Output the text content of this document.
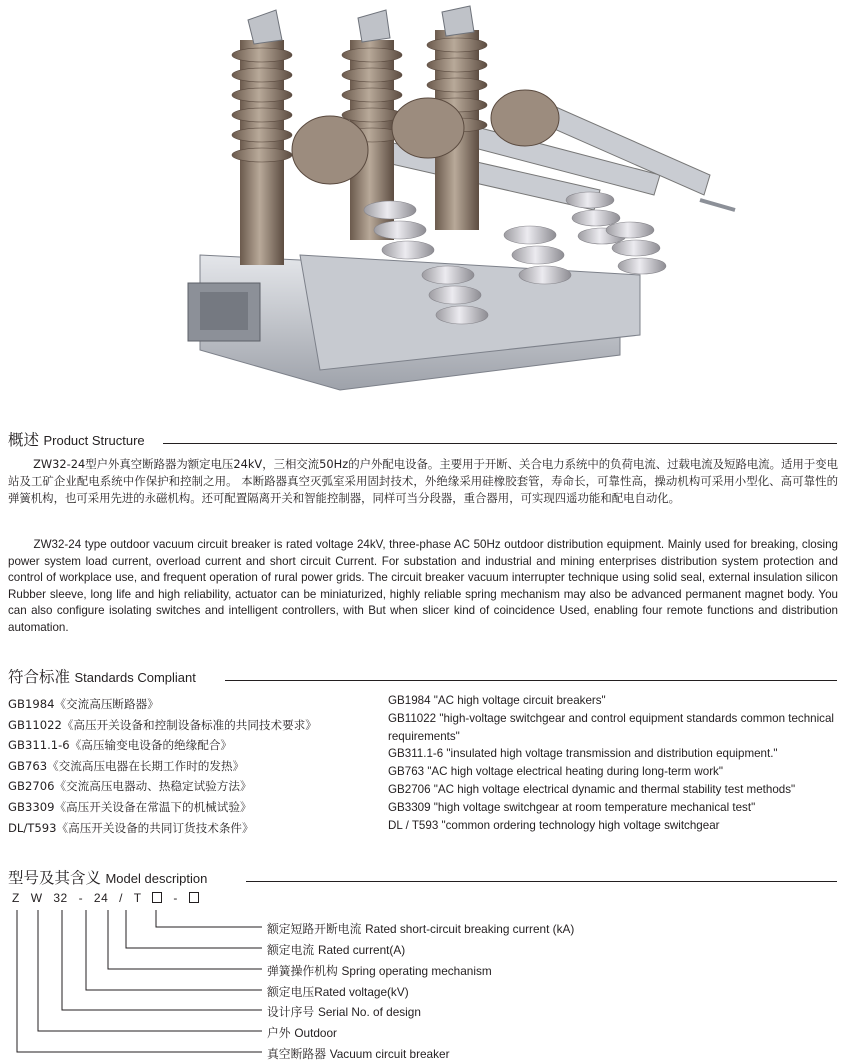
概述 Product Structure

ZW32-24型户外真空断路器为额定电压24kV，三相交流50Hz的户外配电设备。主要用于开断、关合电力系统中的负荷电流、过载电流及短路电流。适用于变电站及工矿企业配电系统中作保护和控制之用。 本断路器真空灭弧室采用固封技术，外绝缘采用硅橡胶套管，寿命长，可靠性高，操动机构可采用小型化、高可靠性的弹簧机构，也可采用先进的永磁机构。还可配置隔离开关和智能控制器，同样可当分段器，重合器用，可实现四遥功能和配电自动化。

ZW32-24 type outdoor vacuum circuit breaker is rated voltage 24kV, three-phase AC 50Hz outdoor distribution equipment. Mainly used for breaking, closing power system load current, overload current and short circuit Current. For substation and industrial and mining enterprises distribution system protection and control of workplace use, and frequent operation of rural power grids. The circuit breaker vacuum interrupter technique using solid seal, external insulation silicon Rubber sleeve, long life and high reliability, actuator can be miniaturized, highly reliable spring mechanism may also be advanced permanent magnet body. You can also configure isolating switches and intelligent controllers, with But when slicer kind of coincidence Used, enabling four remote functions and distribution automation.

符合标准 Standards Compliant
GB1984《交流高压断路器》
GB11022《高压开关设备和控制设备标准的共同技术要求》
GB311.1-6《高压输变电设备的绝缘配合》
GB763《交流高压电器在长期工作时的发热》
GB2706《交流高压电器动、热稳定试验方法》
GB3309《高压开关设备在常温下的机械试验》
DL/T593《高压开关设备的共同订货技术条件》
GB1984 "AC high voltage circuit breakers"
GB11022 "high-voltage switchgear and control equipment standards common technical requirements"
GB311.1-6 "insulated high voltage transmission and distribution equipment."
GB763 "AC high voltage electrical heating during long-term work"
GB2706 "AC high voltage electrical dynamic and thermal stability test methods"
GB3309 "high voltage switchgear at room temperature mechanical test"
DL / T593 "common ordering technology high voltage switchgear
型号及其含义 Model description
Z W 32 - 24 / T	-
额定短路开断电流 Rated short-circuit breaking current (kA)
额定电流 Rated current(A)
弹簧操作机构 Spring operating mechanism
额定电压Rated voltage(kV)
设计序号 Serial No. of design
户外 Outdoor
真空断路器 Vacuum circuit breaker
